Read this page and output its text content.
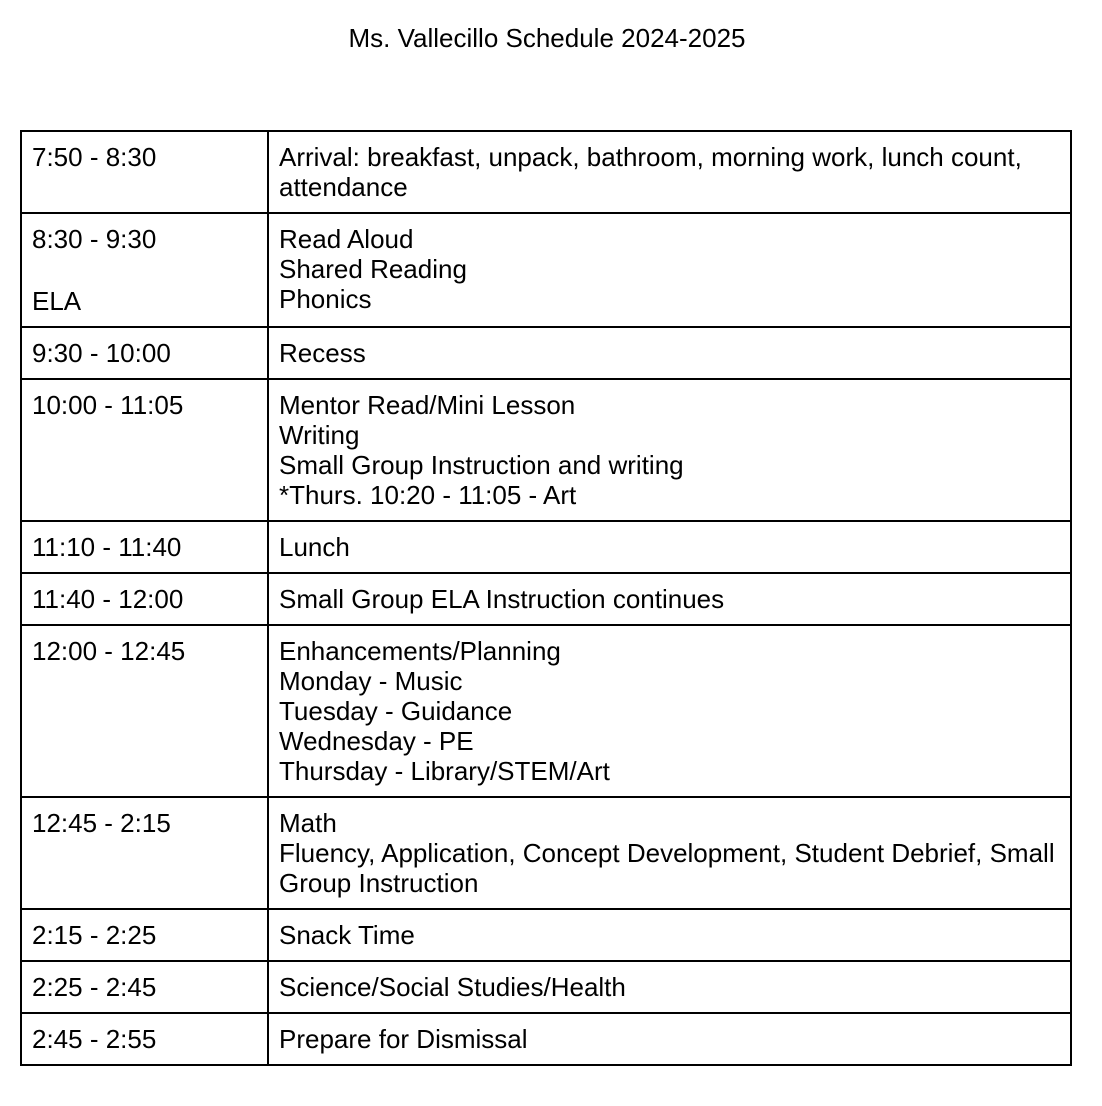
Ms. Vallecillo Schedule 2024-2025
7:50 - 8:30	Arrival: breakfast, unpack, bathroom, morning work, lunch count, attendance

8:30 - 9:30
ELA	Read Aloud
Shared Reading
Phonics

9:30 - 10:00	Recess

10:00 - 11:05	Mentor Read/Mini Lesson
Writing
Small Group Instruction and writing
*Thurs. 10:20 - 11:05 - Art

11:10 - 11:40	Lunch

11:40 - 12:00	Small Group ELA Instruction continues

12:00 - 12:45	Enhancements/Planning
Monday - Music
Tuesday - Guidance
Wednesday - PE
Thursday - Library/STEM/Art

12:45 - 2:15	Math
Fluency, Application, Concept Development, Student Debrief, Small Group Instruction

2:15 - 2:25	Snack Time

2:25 - 2:45	Science/Social Studies/Health

2:45 - 2:55	Prepare for Dismissal
